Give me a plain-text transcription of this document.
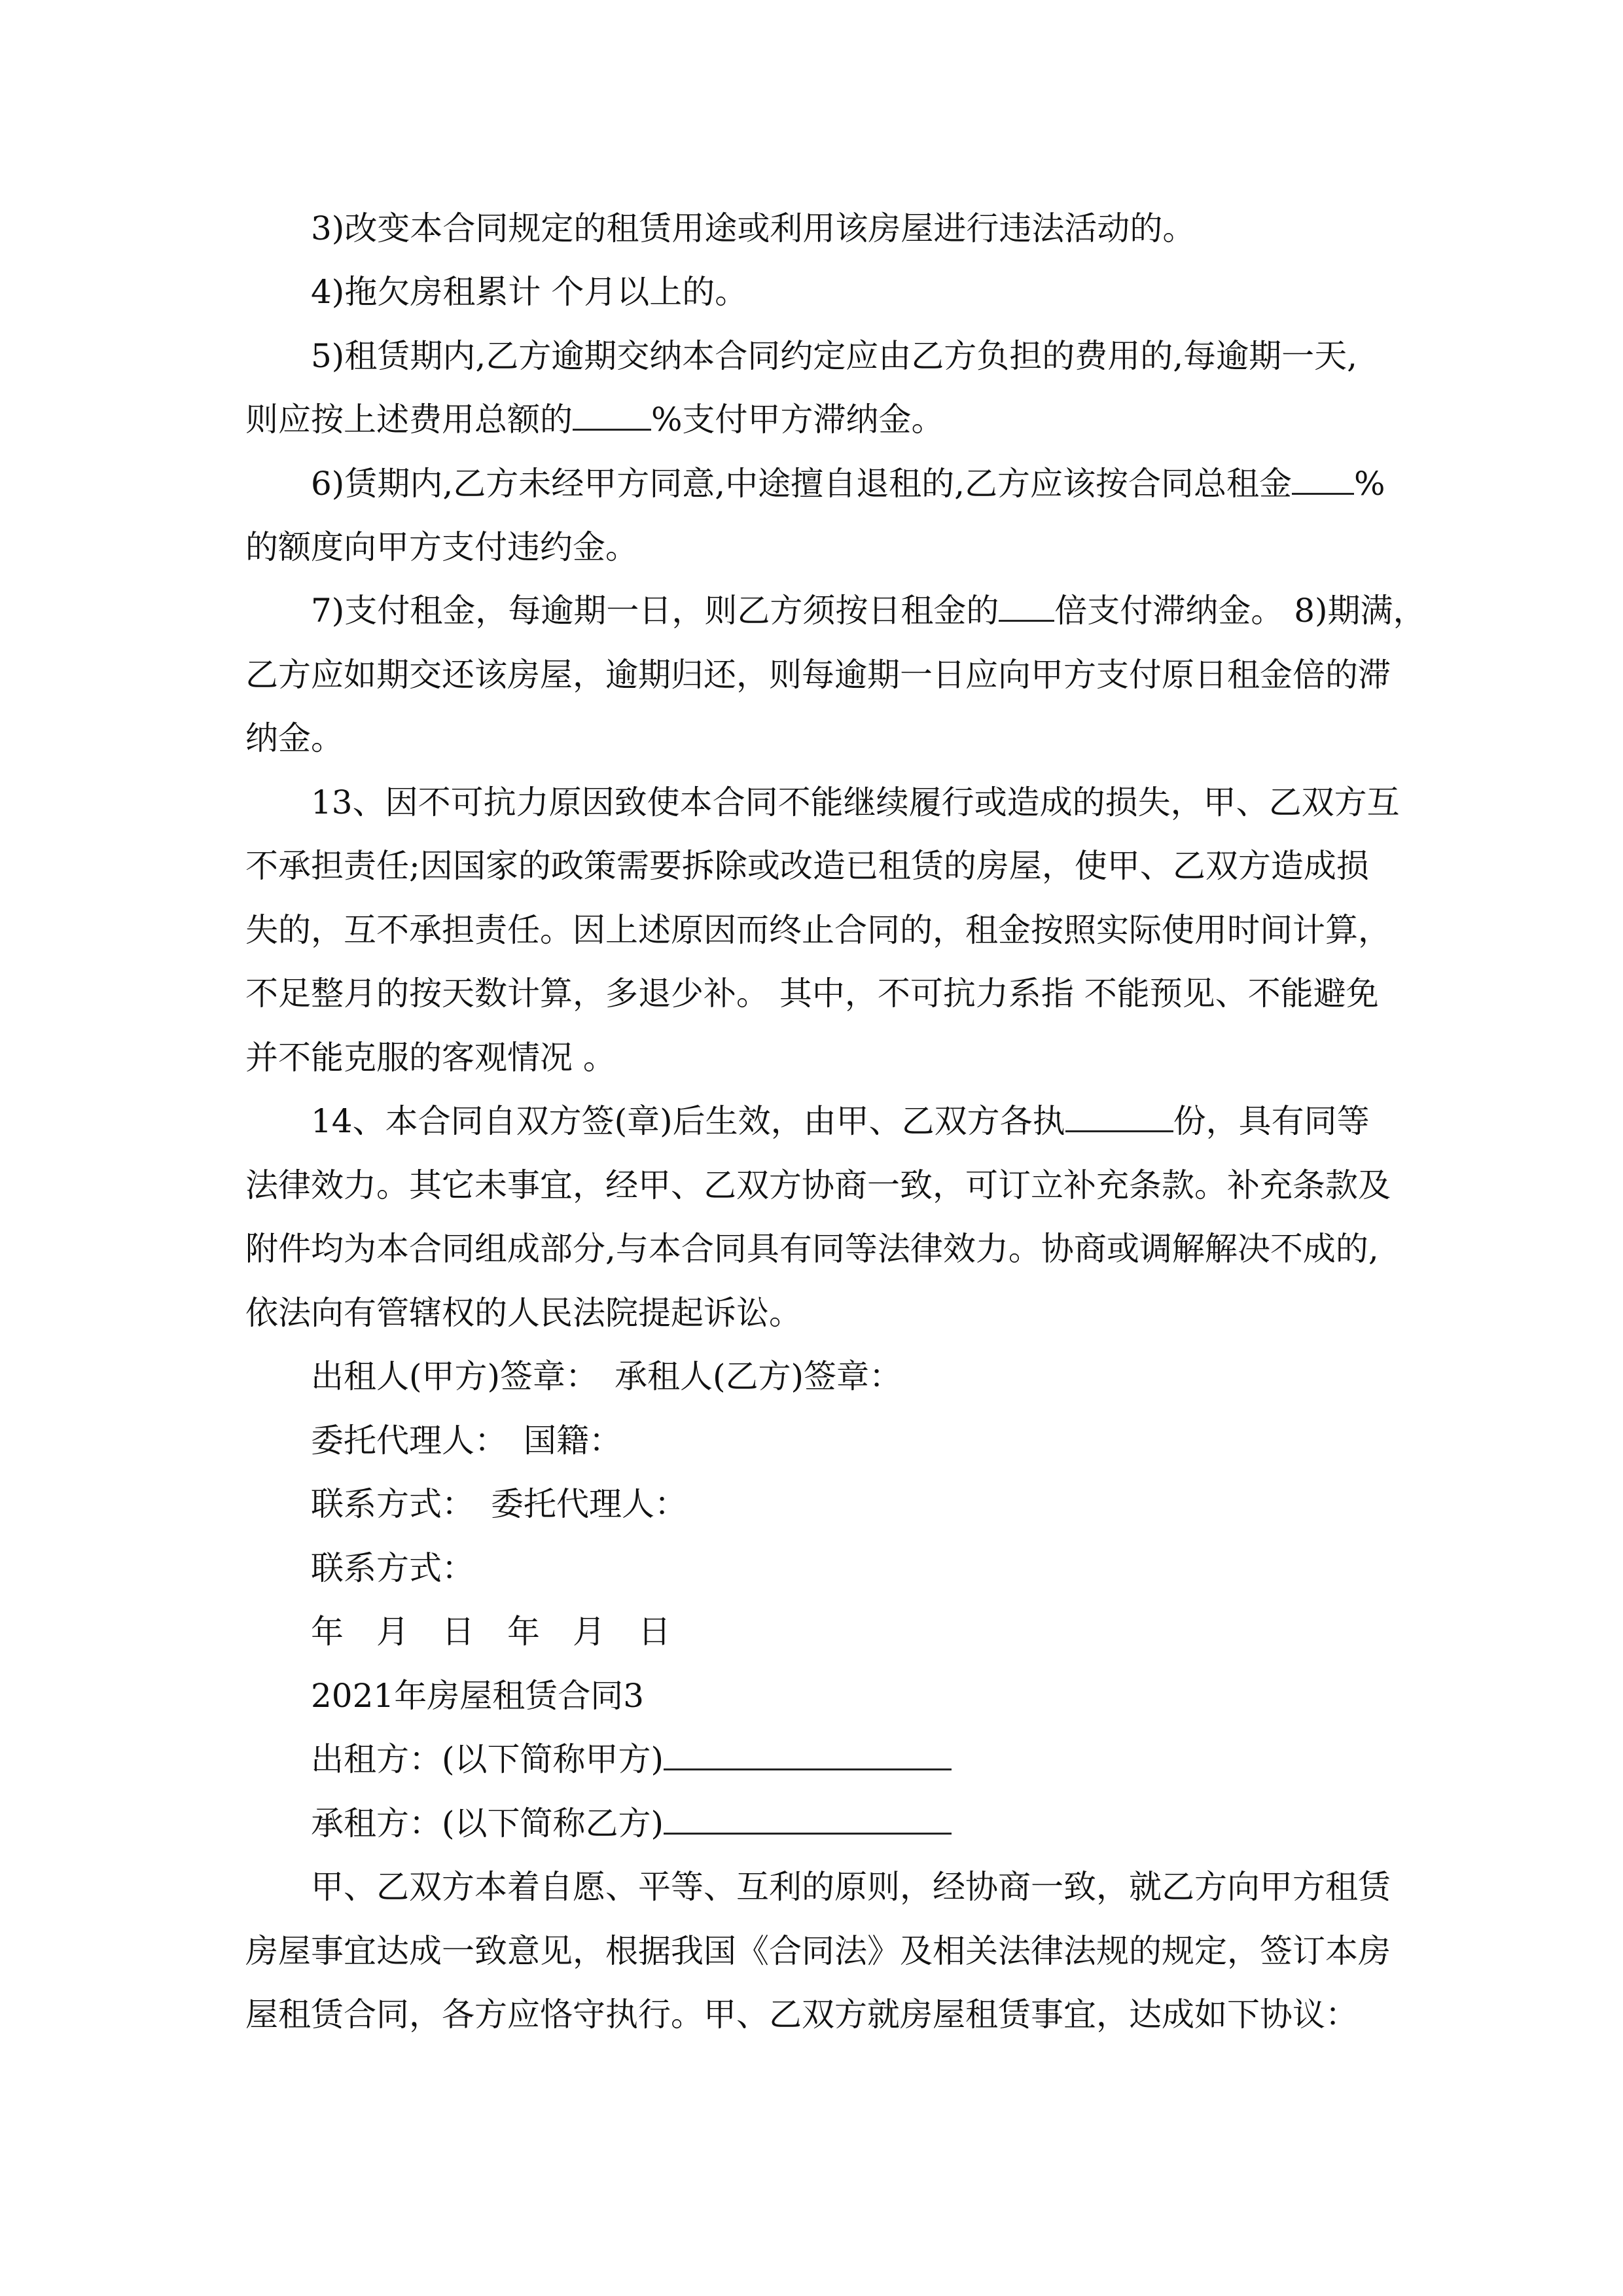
3)改变本合同规定的租赁用途或利用该房屋进行违法活动的。

4)拖欠房租累计 个月以上的。

5)租赁期内,乙方逾期交纳本合同约定应由乙方负担的费用的,每逾期一天,

则应按上述费用总额的 %支付甲方滞纳金。

6)赁期内,乙方未经甲方同意,中途擅自退租的,乙方应该按合同总租金 %

的额度向甲方支付违约金。

7)支付租金，每逾期一日，则乙方须按日租金的 倍支付滞纳金。 8)期满，

乙方应如期交还该房屋，逾期归还，则每逾期一日应向甲方支付原日租金倍的滞

纳金。

13、因不可抗力原因致使本合同不能继续履行或造成的损失，甲、乙双方互

不承担责任;因国家的政策需要拆除或改造已租赁的房屋，使甲、乙双方造成损

失的，互不承担责任。因上述原因而终止合同的，租金按照实际使用时间计算，

不足整月的按天数计算，多退少补。 其中，不可抗力系指 不能预见、不能避免

并不能克服的客观情况 。

14、本合同自双方签(章)后生效，由甲、乙双方各执	份，具有同等

法律效力。其它未事宜，经甲、乙双方协商一致，可订立补充条款。补充条款及

附件均为本合同组成部分,与本合同具有同等法律效力。协商或调解解决不成的,

依法向有管辖权的人民法院提起诉讼。

出租人(甲方)签章：　承租人(乙方)签章：

委托代理人：　国籍：

联系方式：　委托代理人：

联系方式：

年　月　日　年　月　日

2021年房屋租赁合同3

出租方：(以下简称甲方)

承租方：(以下简称乙方)

甲、乙双方本着自愿、平等、互利的原则，经协商一致，就乙方向甲方租赁

房屋事宜达成一致意见，根据我国《合同法》及相关法律法规的规定，签订本房

屋租赁合同，各方应恪守执行。甲、乙双方就房屋租赁事宜，达成如下协议：
